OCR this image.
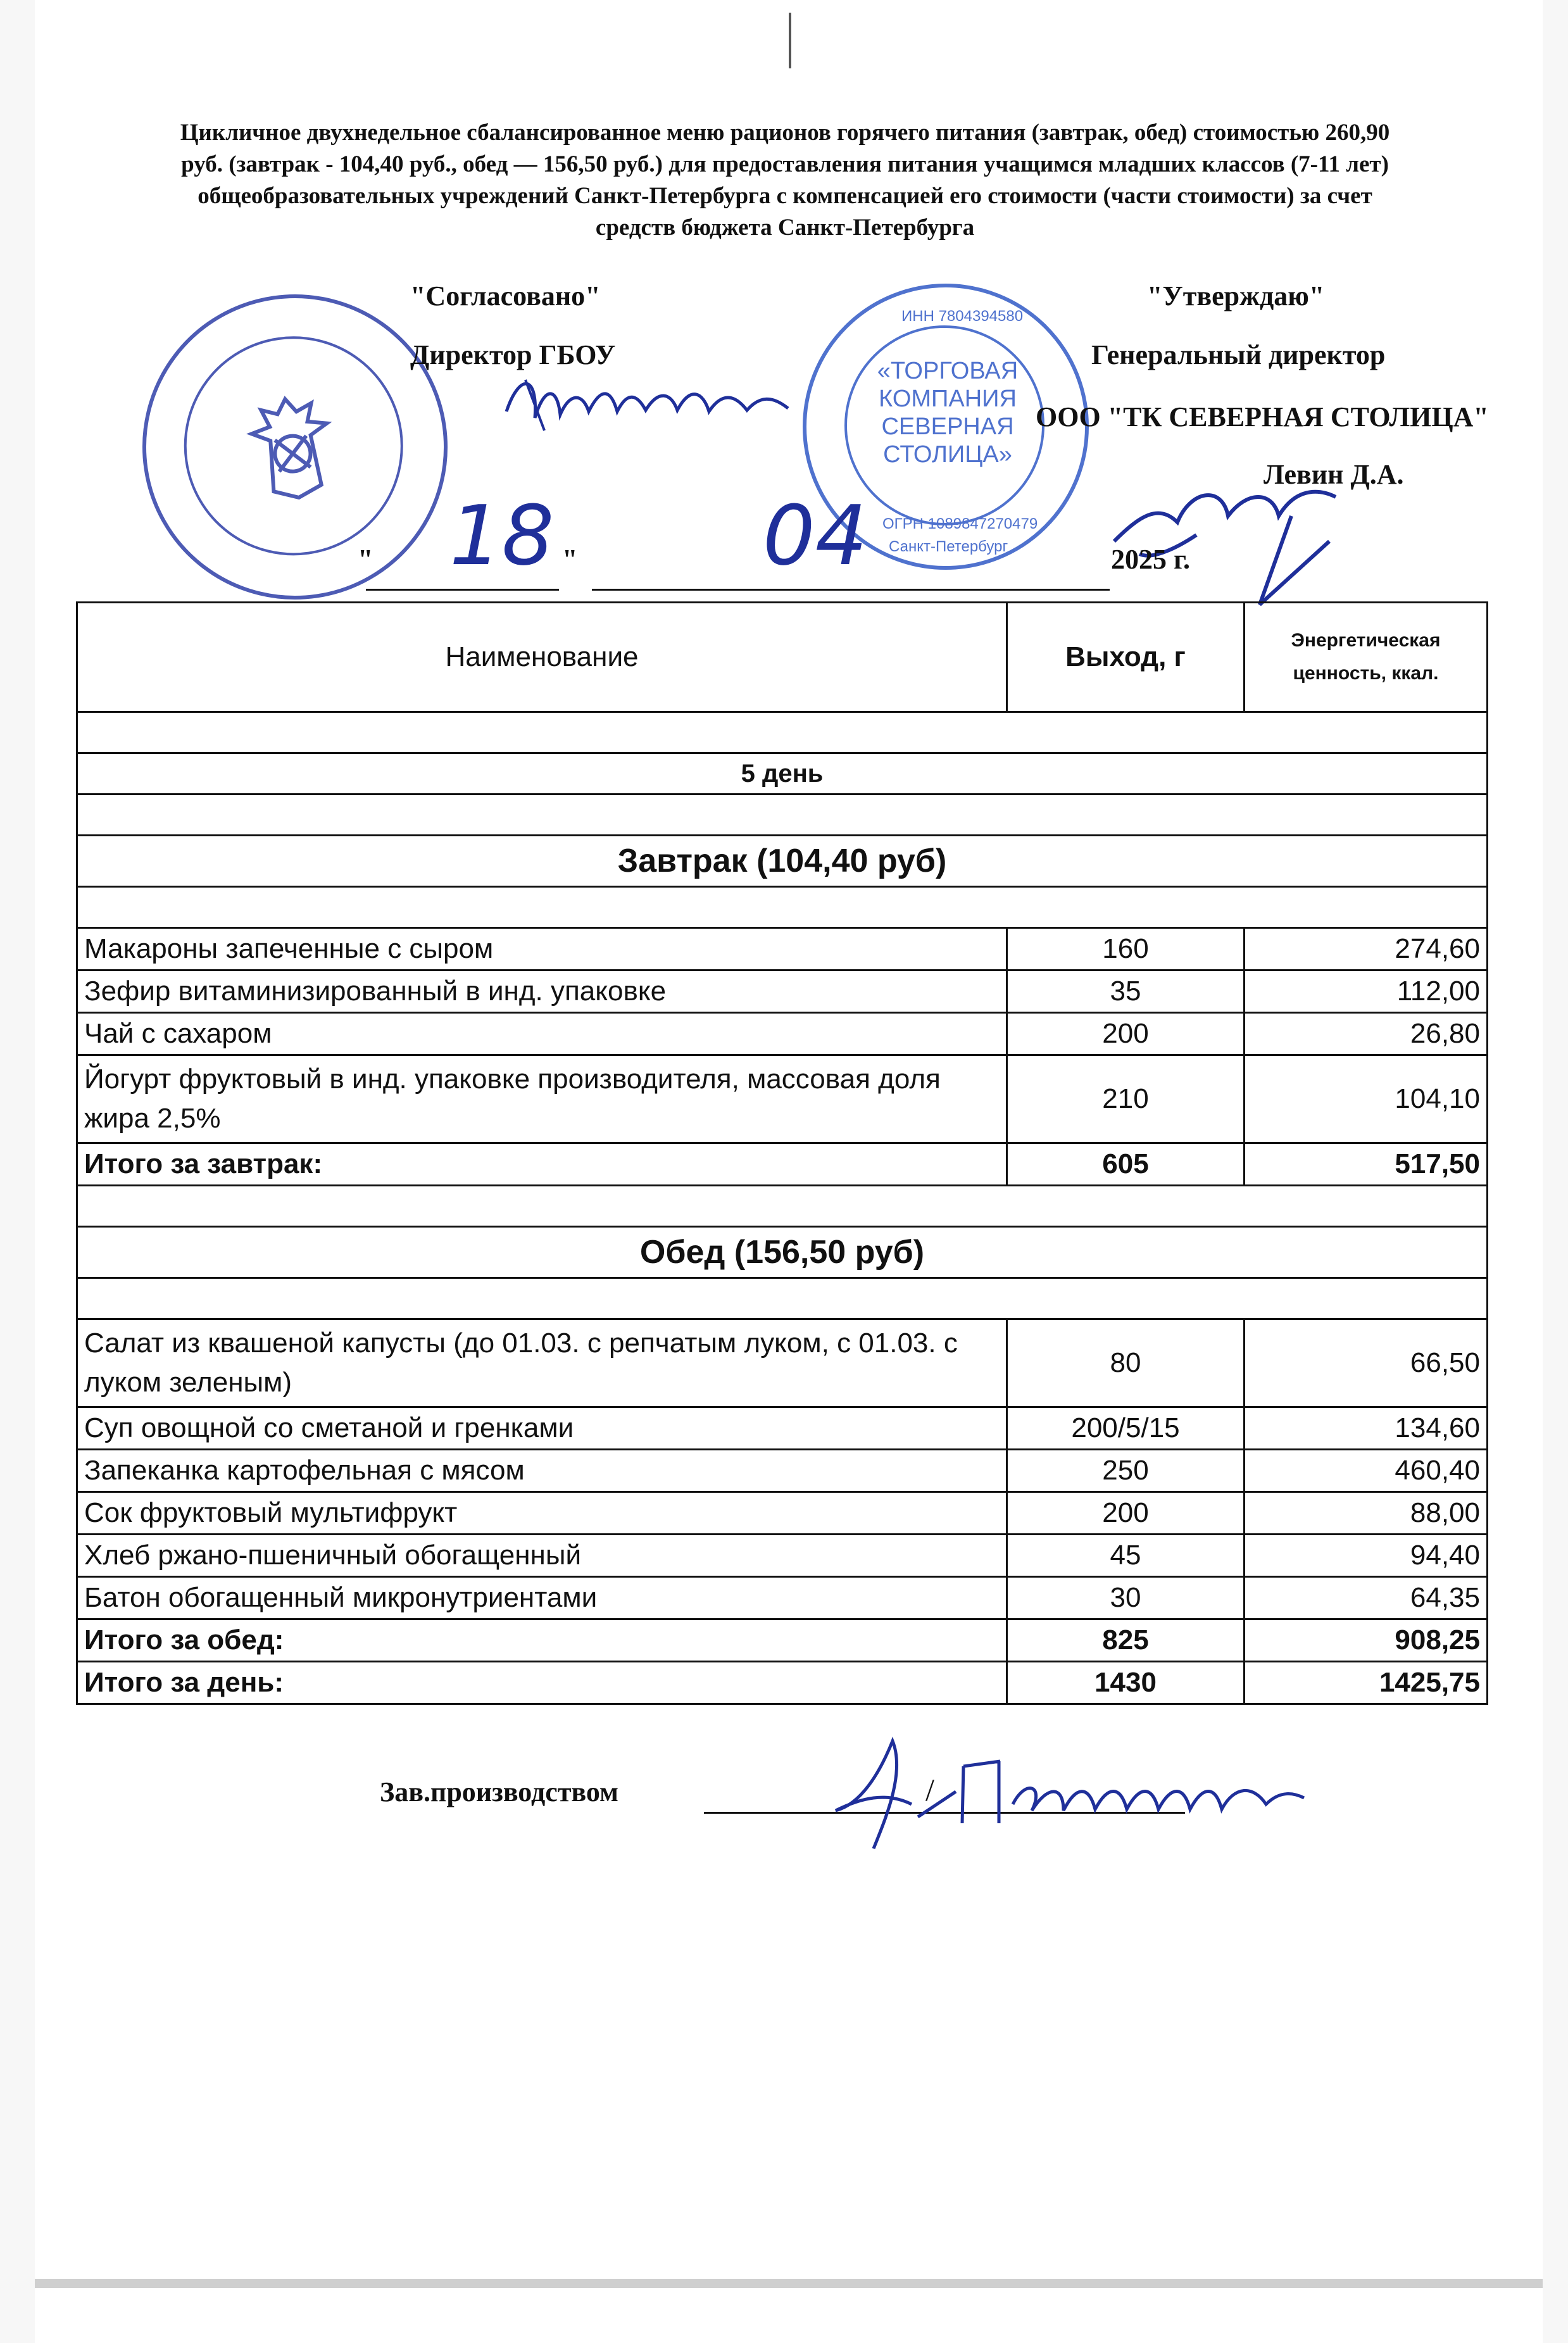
Цикличное двухнедельное сбалансированное меню рационов горячего питания (завтрак, обед) стоимостью 260,90
руб. (завтрак - 104,40 руб., обед — 156,50 руб.) для предоставления питания учащимся младших классов (7-11 лет)
общеобразовательных учреждений Санкт-Петербурга с компенсацией его стоимости (части стоимости) за счет
средств бюджета Санкт-Петербурга
ИНН 7804394580
«ТОРГОВАЯ
КОМПАНИЯ
СЕВЕРНАЯ
СТОЛИЦА»
ОГРН 1089847270479
Санкт-Петербург
"Согласовано"
Директор ГБОУ
"Утверждаю"
Генеральный директор
ООО "ТК СЕВЕРНАЯ СТОЛИЦА"
Левин Д.А.
"	"
18	04	2025 г.
Наименование	Выход, г	Энергетическая ценность, ккал.

5 день		

Завтрак (104,40 руб)		

Макароны запеченные с сыром	160	274,60
Зефир витаминизированный в инд. упаковке	35	112,00
Чай с сахаром	200	26,80
Йогурт фруктовый в инд. упаковке производителя, массовая доля жира 2,5%	210	104,10
Итого за завтрак:	605	517,50

Обед (156,50 руб)		

Салат из квашеной капусты (до 01.03. с репчатым луком, с 01.03. с луком зеленым)	80	66,50
Суп овощной со сметаной и гренками	200/5/15	134,60
Запеканка картофельная с мясом	250	460,40
Сок фруктовый мультифрукт	200	88,00
Хлеб ржано-пшеничный обогащенный	45	94,40
Батон обогащенный микронутриентами	30	64,35
Итого за обед:	825	908,25
Итого за день:	1430	1425,75
Зав.производством	/
